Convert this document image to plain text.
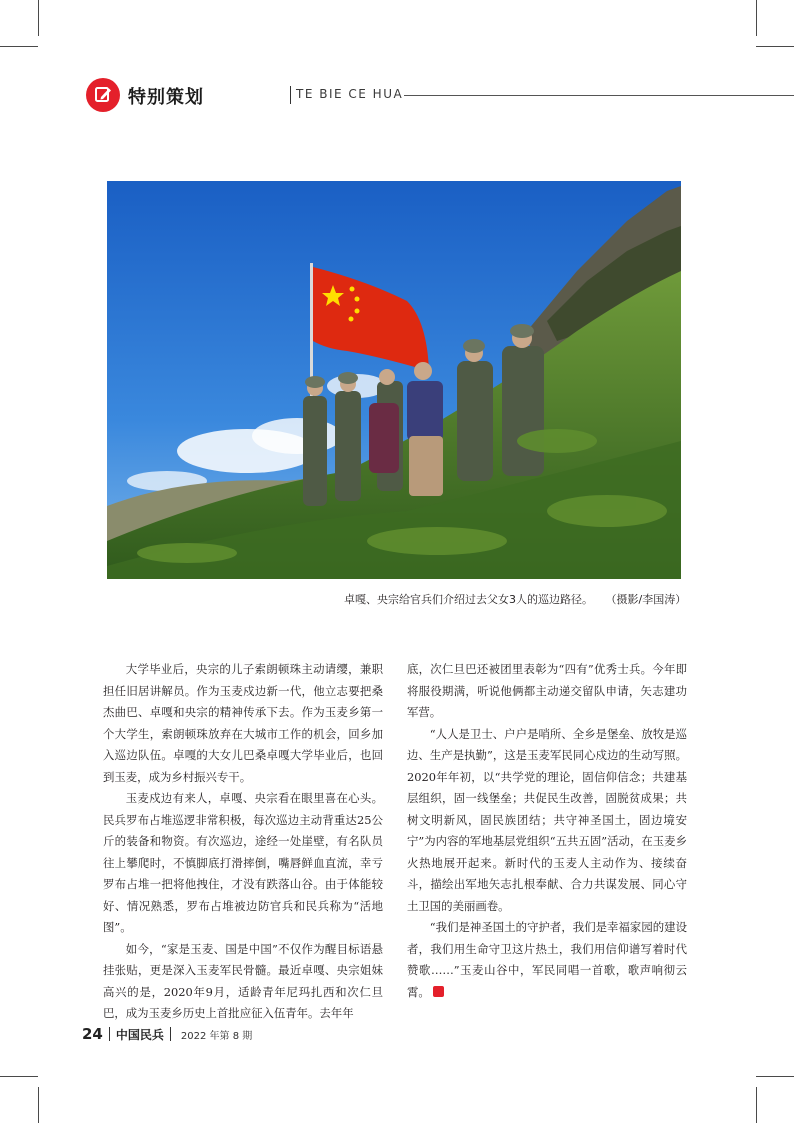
特别策划	TE BIE CE HUA
卓嘎、央宗给官兵们介绍过去父女3人的巡边路径。 （摄影/李国涛）

大学毕业后，央宗的儿子索朗顿珠主动请缨，兼职担任旧居讲解员。作为玉麦戍边新一代，他立志要把桑杰曲巴、卓嘎和央宗的精神传承下去。作为玉麦乡第一个大学生，索朗顿珠放弃在大城市工作的机会，回乡加入巡边队伍。卓嘎的大女儿巴桑卓嘎大学毕业后，也回到玉麦，成为乡村振兴专干。

玉麦戍边有来人，卓嘎、央宗看在眼里喜在心头。民兵罗布占堆巡逻非常积极，每次巡边主动背重达25公斤的装备和物资。有次巡边，途经一处崖壁，有名队员往上攀爬时，不慎脚底打滑摔倒，嘴唇鲜血直流，幸亏罗布占堆一把将他拽住，才没有跌落山谷。由于体能较好、情况熟悉，罗布占堆被边防官兵和民兵称为“活地图”。

如今，“家是玉麦、国是中国”不仅作为醒目标语悬挂张贴，更是深入玉麦军民骨髓。最近卓嘎、央宗姐妹高兴的是，2020年9月，适龄青年尼玛扎西和次仁旦巴，成为玉麦乡历史上首批应征入伍青年。去年年

底，次仁旦巴还被团里表彰为“四有”优秀士兵。今年即将服役期满，听说他俩都主动递交留队申请，矢志建功军营。

“人人是卫士、户户是哨所、全乡是堡垒、放牧是巡边、生产是执勤”，这是玉麦军民同心戍边的生动写照。2020年年初，以“共学党的理论，固信仰信念；共建基层组织，固一线堡垒；共促民生改善，固脱贫成果；共树文明新风，固民族团结；共守神圣国土，固边境安宁”为内容的军地基层党组织“五共五固”活动，在玉麦乡火热地展开起来。新时代的玉麦人主动作为、接续奋斗，描绘出军地矢志扎根奉献、合力共谋发展、同心守土卫国的美丽画卷。

“我们是神圣国土的守护者，我们是幸福家园的建设者，我们用生命守卫这片热土，我们用信仰谱写着时代赞歌……”玉麦山谷中，军民同唱一首歌，歌声响彻云霄。

24 中国民兵 2022 年第 8 期
